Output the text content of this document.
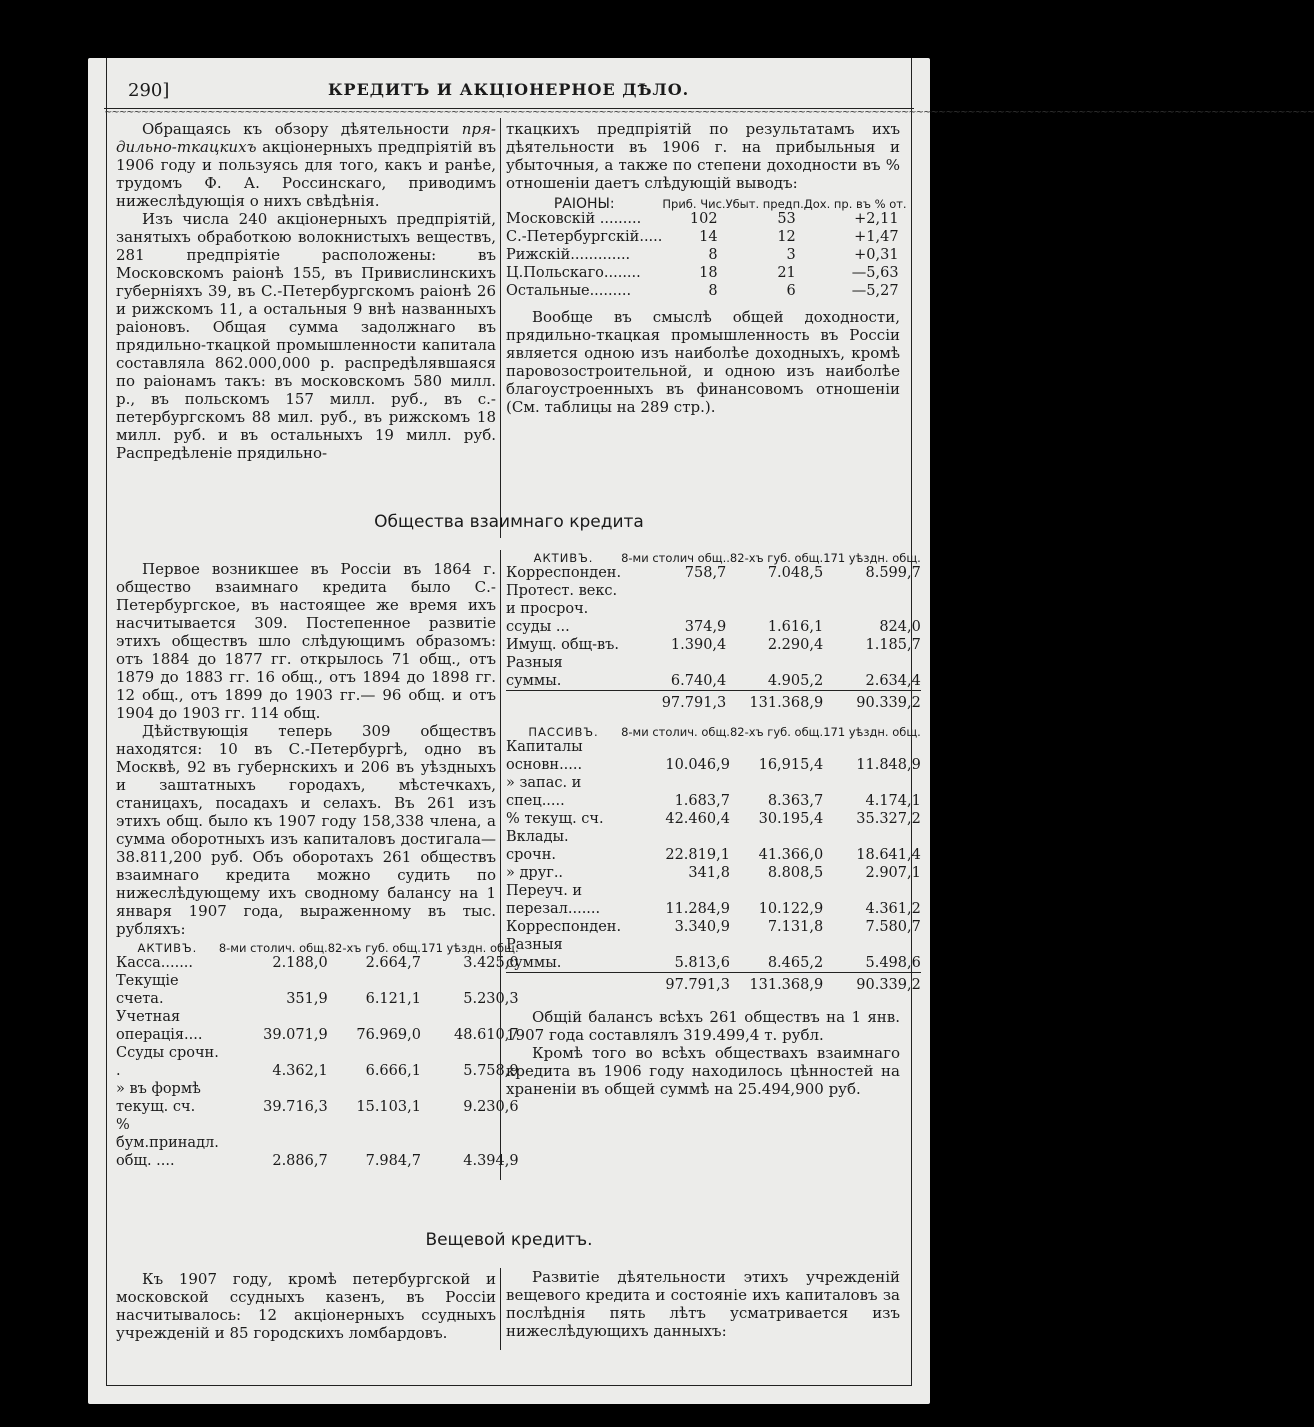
290]	КРЕДИТЪ И АКЦІОНЕРНОЕ ДѢЛО.
~~~~~~~~~~~~~~~~~~~~~~~~~~~~~~~~~~~~~~~~~~~~~~~~~~~~~~~~~~~~~~~~~~~~~~~~~~~~~~~~~~~~~~~~~~~~~~~~~~~~~~~~~~~~~~~~~~~~~~~~~~~~~~~~~~~~~~~~~~~~~~~~~~~~~~~~~~~~~~~~~~~~

Обращаясь къ обзору дѣятельности пря-дильно-ткацкихъ акціонерныхъ предпріятій въ 1906 году и пользуясь для того, какъ и ранѣе, трудомъ Ф. А. Россинскаго, приводимъ нижеслѣдующія о нихъ свѣдѣнія.

Изъ числа 240 акціонерныхъ предпріятій, занятыхъ обработкою волокнистыхъ веществъ, 281 предпріятіе расположены: въ Московскомъ раіонѣ 155, въ Привислинскихъ губерніяхъ 39, въ С.-Петербургскомъ раіонѣ 26 и рижскомъ 11, а остальныя 9 внѣ названныхъ раіоновъ. Общая сумма задолжнаго въ прядильно-ткацкой промышленности капитала составляла 862.000,000 р. распредѣлявшаяся по раіонамъ такъ: въ московскомъ 580 милл. р., въ польскомъ 157 милл. руб., въ с.-петербургскомъ 88 мил. руб., въ рижскомъ 18 милл. руб. и въ остальныхъ 19 милл. руб. Распредѣленіе прядильно-

ткацкихъ предпріятій по результатамъ ихъ дѣятельности въ 1906 г. на прибыльныя и убыточныя, а также по степени доходности въ % отношеніи даетъ слѣдующій выводъ:

РАІОНЫ:	Приб. Чис.	Убыт. предп.	Дох. пр. въ % от.
Московскій .........	102	53	+2,11
С.-Петербургскій.....	14	12	+1,47
Рижскій.............	8	3	+0,31
Ц.Польскаго........	18	21	—5,63
Остальные.........	8	6	—5,27

Вообще въ смыслѣ общей доходности, прядильно-ткацкая промышленность въ Россіи является одною изъ наиболѣе доходныхъ, кромѣ паровозостроительной, и одною изъ наиболѣе благоустроенныхъ въ финансовомъ отношеніи (См. таблицы на 289 стр.).

Общества взаимнаго кредита

Первое возникшее въ Россіи въ 1864 г. общество взаимнаго кредита было С.-Петербургское, въ настоящее же время ихъ насчитывается 309. Постепенное развитіе этихъ обществъ шло слѣдующимъ образомъ: отъ 1884 до 1877 гг. открылось 71 общ., отъ 1879 до 1883 гг. 16 общ., отъ 1894 до 1898 гг. 12 общ., отъ 1899 до 1903 гг.— 96 общ. и отъ 1904 до 1903 гг. 114 общ.

Дѣйствующія теперь 309 обществъ находятся: 10 въ С.-Петербургѣ, одно въ Москвѣ, 92 въ губернскихъ и 206 въ уѣздныхъ и заштатныхъ городахъ, мѣстечкахъ, станицахъ, посадахъ и селахъ. Въ 261 изъ этихъ общ. было къ 1907 году 158,338 члена, а сумма оборотныхъ изъ капиталовъ достигала— 38.811,200 руб. Объ оборотахъ 261 обществъ взаимнаго кредита можно судить по нижеслѣдующему ихъ сводному балансу на 1 января 1907 года, выраженному въ тыс. рубляхъ:

АКТИВЪ.	8-ми столич. общ.	82-хъ губ. общ.	171 уѣздн. общ.
Касса.......	2.188,0	2.664,7	3.425,0
Текущіе счета.	351,9	6.121,1	5.230,3
Учетная операція....	39.071,9	76.969,0	48.610,7
Ссуды срочн. .	4.362,1	6.666,1	5.758,9
» въ формѣ текущ. сч.	39.716,3	15.103,1	9.230,6
% бум.принадл. общ. ....	2.886,7	7.984,7	4.394,9
АКТИВЪ.	8-ми столич общ.	.82-хъ губ. общ.	171 уѣздн. общ.
Корреспонден.	758,7	7.048,5	8.599,7
Протест. векс. и просроч. ссуды ...	374,9	1.616,1	824,0
Имущ. общ-въ.	1.390,4	2.290,4	1.185,7
Разныя суммы.	6.740,4	4.905,2	2.634,4
	97.791,3	131.368,9	90.339,2
ПАССИВЪ.	8-ми столич. общ.	82-хъ губ. общ.	171 уѣздн. общ.
Капиталы основн.....	10.046,9	16,915,4	11.848,9
» запас. и спец.....	1.683,7	8.363,7	4.174,1
% текущ. сч.	42.460,4	30.195,4	35.327,2
Вклады. срочн.	22.819,1	41.366,0	18.641,4
» друг..	341,8	8.808,5	2.907,1
Переуч. и перезал.......	11.284,9	10.122,9	4.361,2
Корреспонден.	3.340,9	7.131,8	7.580,7
Разныя суммы.	5.813,6	8.465,2	5.498,6
	97.791,3	131.368,9	90.339,2

Общій балансъ всѣхъ 261 обществъ на 1 янв. 1907 года составлялъ 319.499,4 т. рубл.

Кромѣ того во всѣхъ обществахъ взаимнаго кредита въ 1906 году находилось цѣнностей на храненіи въ общей суммѣ на 25.494,900 руб.

Вещевой кредитъ.

Къ 1907 году, кромѣ петербургской и московской ссудныхъ казенъ, въ Россіи насчитывалось: 12 акціонерныхъ ссудныхъ учрежденій и 85 городскихъ ломбардовъ.

Развитіе дѣятельности этихъ учрежденій вещевого кредита и состояніе ихъ капиталовъ за послѣднія пять лѣтъ усматривается изъ нижеслѣдующихъ данныхъ:
